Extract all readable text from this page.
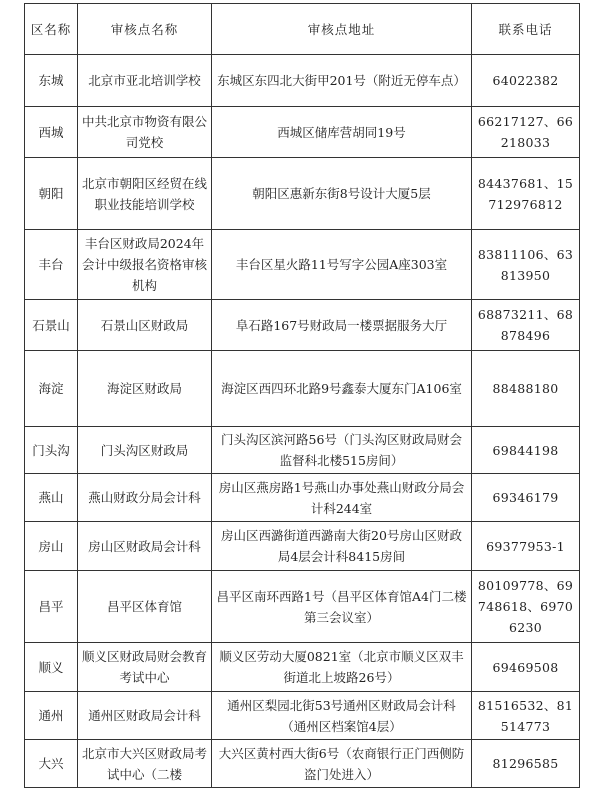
区名称	审核点名称	审核点地址	联系电话
东城	北京市亚北培训学校	东城区东四北大街甲201号（附近无停车点）	64022382
西城	中共北京市物资有限公司党校	西城区储库营胡同19号	66217127、66218033
朝阳	北京市朝阳区经贸在线职业技能培训学校	朝阳区惠新东街8号设计大厦5层	84437681、15712976812
丰台	丰台区财政局2024年会计中级报名资格审核机构	丰台区星火路11号写字公园A座303室	83811106、63813950
石景山	石景山区财政局	阜石路167号财政局一楼票据服务大厅	68873211、68878496
海淀	海淀区财政局	海淀区西四环北路9号鑫泰大厦东门A106室	88488180
门头沟	门头沟区财政局	门头沟区滨河路56号（门头沟区财政局财会监督科北楼515房间）	69844198
燕山	燕山财政分局会计科	房山区燕房路1号燕山办事处燕山财政分局会计科244室	69346179
房山	房山区财政局会计科	房山区西潞街道西潞南大街20号房山区财政局4层会计科8415房间	69377953-1
昌平	昌平区体育馆	昌平区南环西路1号（昌平区体育馆A4门二楼第三会议室）	80109778、69748618、69706230
顺义	顺义区财政局财会教育考试中心	顺义区劳动大厦0821室（北京市顺义区双丰街道北上坡路26号）	69469508
通州	通州区财政局会计科	通州区梨园北街53号通州区财政局会计科（通州区档案馆4层）	81516532、81514773
大兴	北京市大兴区财政局考试中心（二楼	大兴区黄村西大街6号（农商银行正门西侧防盗门处进入）	81296585
